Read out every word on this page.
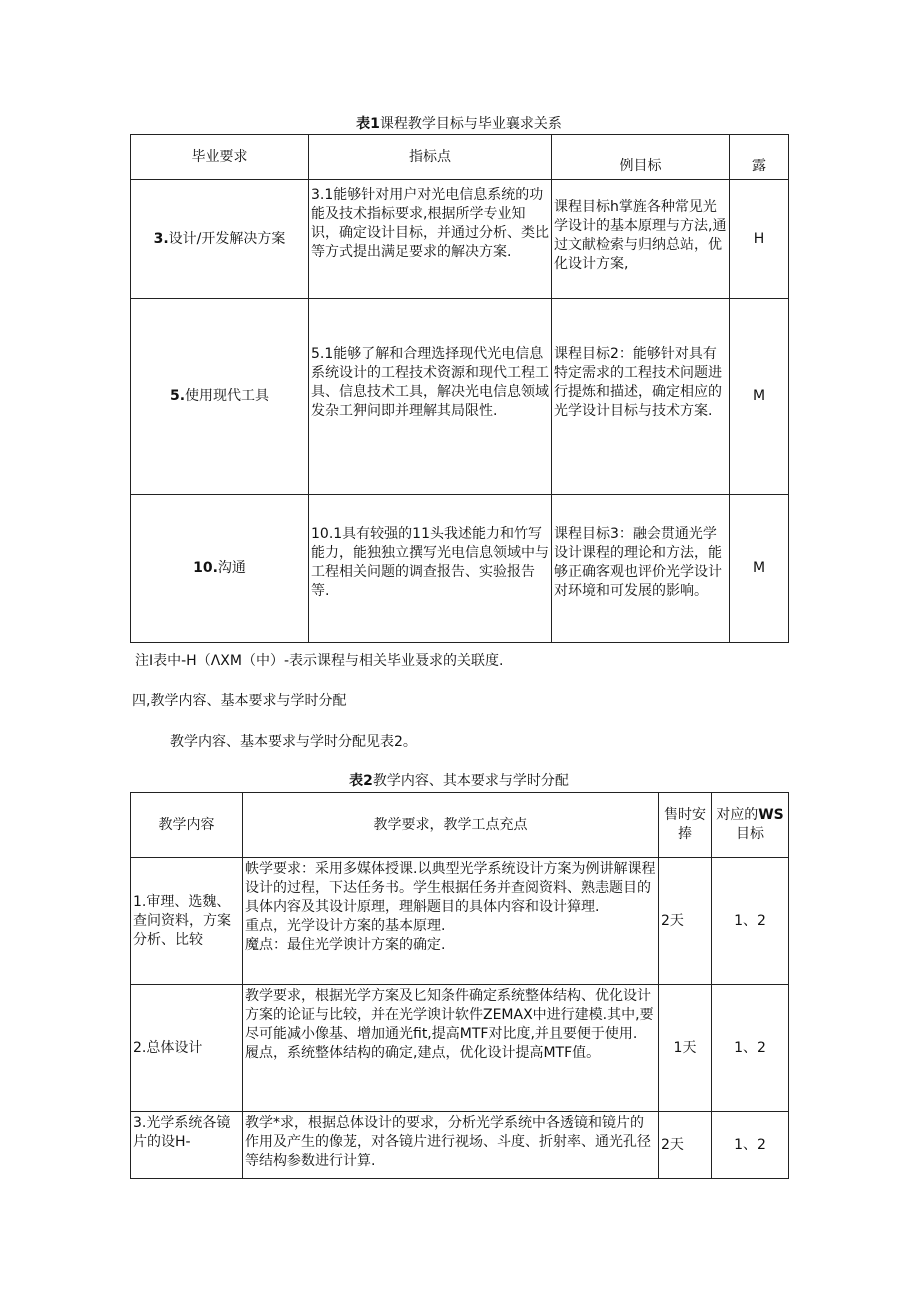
表1课程教学目标与毕业襄求关系
毕业要求	指标点	例目标	露
3.设计/开发解决方案	3.1能够针对用户对光电信息系统的功能及技术指标要求,根据所学专业知识，确定设计目标，并通过分析、类比等方式提出满足要求的解决方案.	课程目标h掌旌各种常见光学设计的基本原理与方法,通过文献检索与归纳总站，优化设计方案,	H
5.使用现代工具	5.1能够了解和合理选择现代光电信息系统设计的工程技术资源和现代工程工具、信息技术工具，解决光电信息领域发杂工狎问即并理解其局限性.	课程目标2：能够针对具有特定需求的工程技术问题进行提炼和描述，确定相应的光学设计目标与技术方案.	M
10.沟通	10.1具有较强的11头我述能力和竹写能力，能独独立撰写光电信息领域中与工程相关问题的调查报告、实验报告等.	课程目标3：融会贯通光学设计课程的理论和方法，能够正确客观也评价光学设计对环境和可发展的影响。	M
注I表中-H（ΛXM（中）-表示课程与相关毕业聂求的关联度.
四,教学内容、基本要求与学时分配
教学内容、基本要求与学时分配见表2。
表2教学内容、其本要求与学时分配
教学内容	教学要求，教学工点充点	售时安捧	对应的WS目标
1.审理、选魏、查问资料，方案分析、比较	帙学要求：采用多媒体授课.以典型光学系统设计方案为例讲解课程设计的过程，下达任务书。学生根据任务并查阅资料、熟恚题目的具体内容及其设计原理，理斛题目的具体内容和设计獐理.
重点，光学设计方案的基本原理.
魔点：最住光学谀计方案的确定.	2天	1、2
2.总体设计	教学要求，根据光学方案及匕知条件确定系统整体结构、优化设计方案的论证与比较，并在光学谀计软件ZEMAX中进行建模.其中,要尽可能减小像基、增加通光fit,提高MTF对比度,并且要便于使用.
履点，系统整体结构的确定,建点，优化设计提高MTF值。	1天	1、2
3.光学系统各镜片的设H-	教学*求，根据总体设计的要求，分析光学系统中各透镜和镜片的作用及产生的像茏，对各镜片进行视场、斗度、折射率、通光孔径等结构参数进行计算.	2天	1、2
